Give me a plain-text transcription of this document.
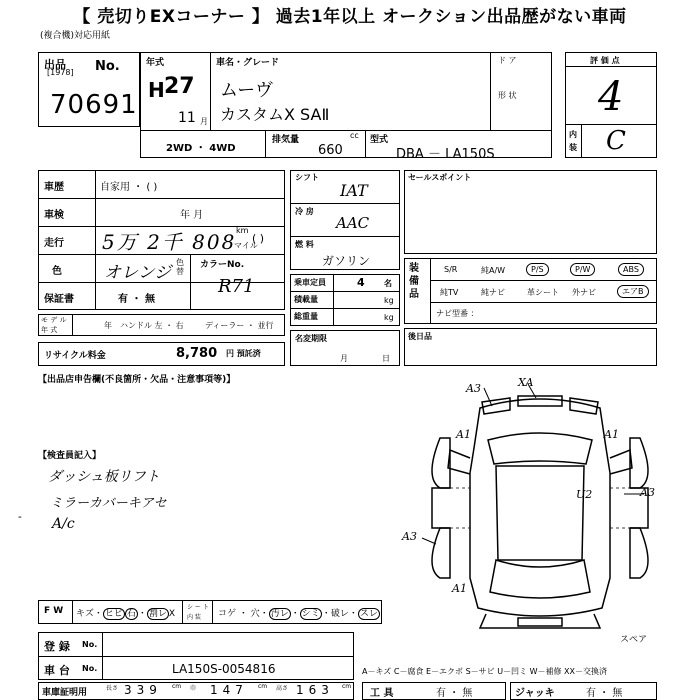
【 売切りEXコーナー 】 過去1年以上 オークション出品歴がない車両
(複合機)対応用紙
出品
[1978] No.
70691
年式
H 27
11 月
車名・グレード
ムーヴ
カスタムX SAⅡ
ド ア
形 状
2WD ・ 4WD
排気量	cc
660
型式
DBA － LA150S
評 価 点
4
内
装 C
車歴	自家用 ・ ( )
車検	年 月
走行 5万 2千 808 km
マイル
( )
色 オレンジ
色替
カラーNo.
R71
保証書	有 ・ 無
モ デ ル
年 式	年 ハンドル 左 ・ 右	ディーラー ・ 並行
リサイクル料金	8,780 円 預託済
シフト
IAT
冷 房
AAC
燃 料
ガソリン
乗車定員	4 名
積載量	kg
総重量	kg
名変期限
月	日
セールスポイント
装 備 品
S/R	純A/W	P/S	P/W	ABS
純TV	純ナビ	革シート 外ナビ	エアB
ナビ型番 ：
後日品
【出品店申告欄(不良箇所・欠品・注意事項等)】
【検査員記入】
ダッシュ板リフト
ミラーカバーキアセ
A/c
-
A3	XA
A1	A1
A3
U2
A3
A1
スペア
F W キズ・ ヒビ 石 ・ 割レ X
シ ー ト
内 装 コゲ ・ 穴・ 汚レ ・ シミ ・破レ・ スレ
登 録 No.
車 台 No.	LA150S-0054816	A－キズ C－腐食 E－エクボ S－サビ U－凹ミ W－補修 XX－交換済
車庫証明用	長さ 339 cm 巾 147 cm 高さ 163 cm
工 具	有 ・ 無	ジャッキ	有 ・ 無
